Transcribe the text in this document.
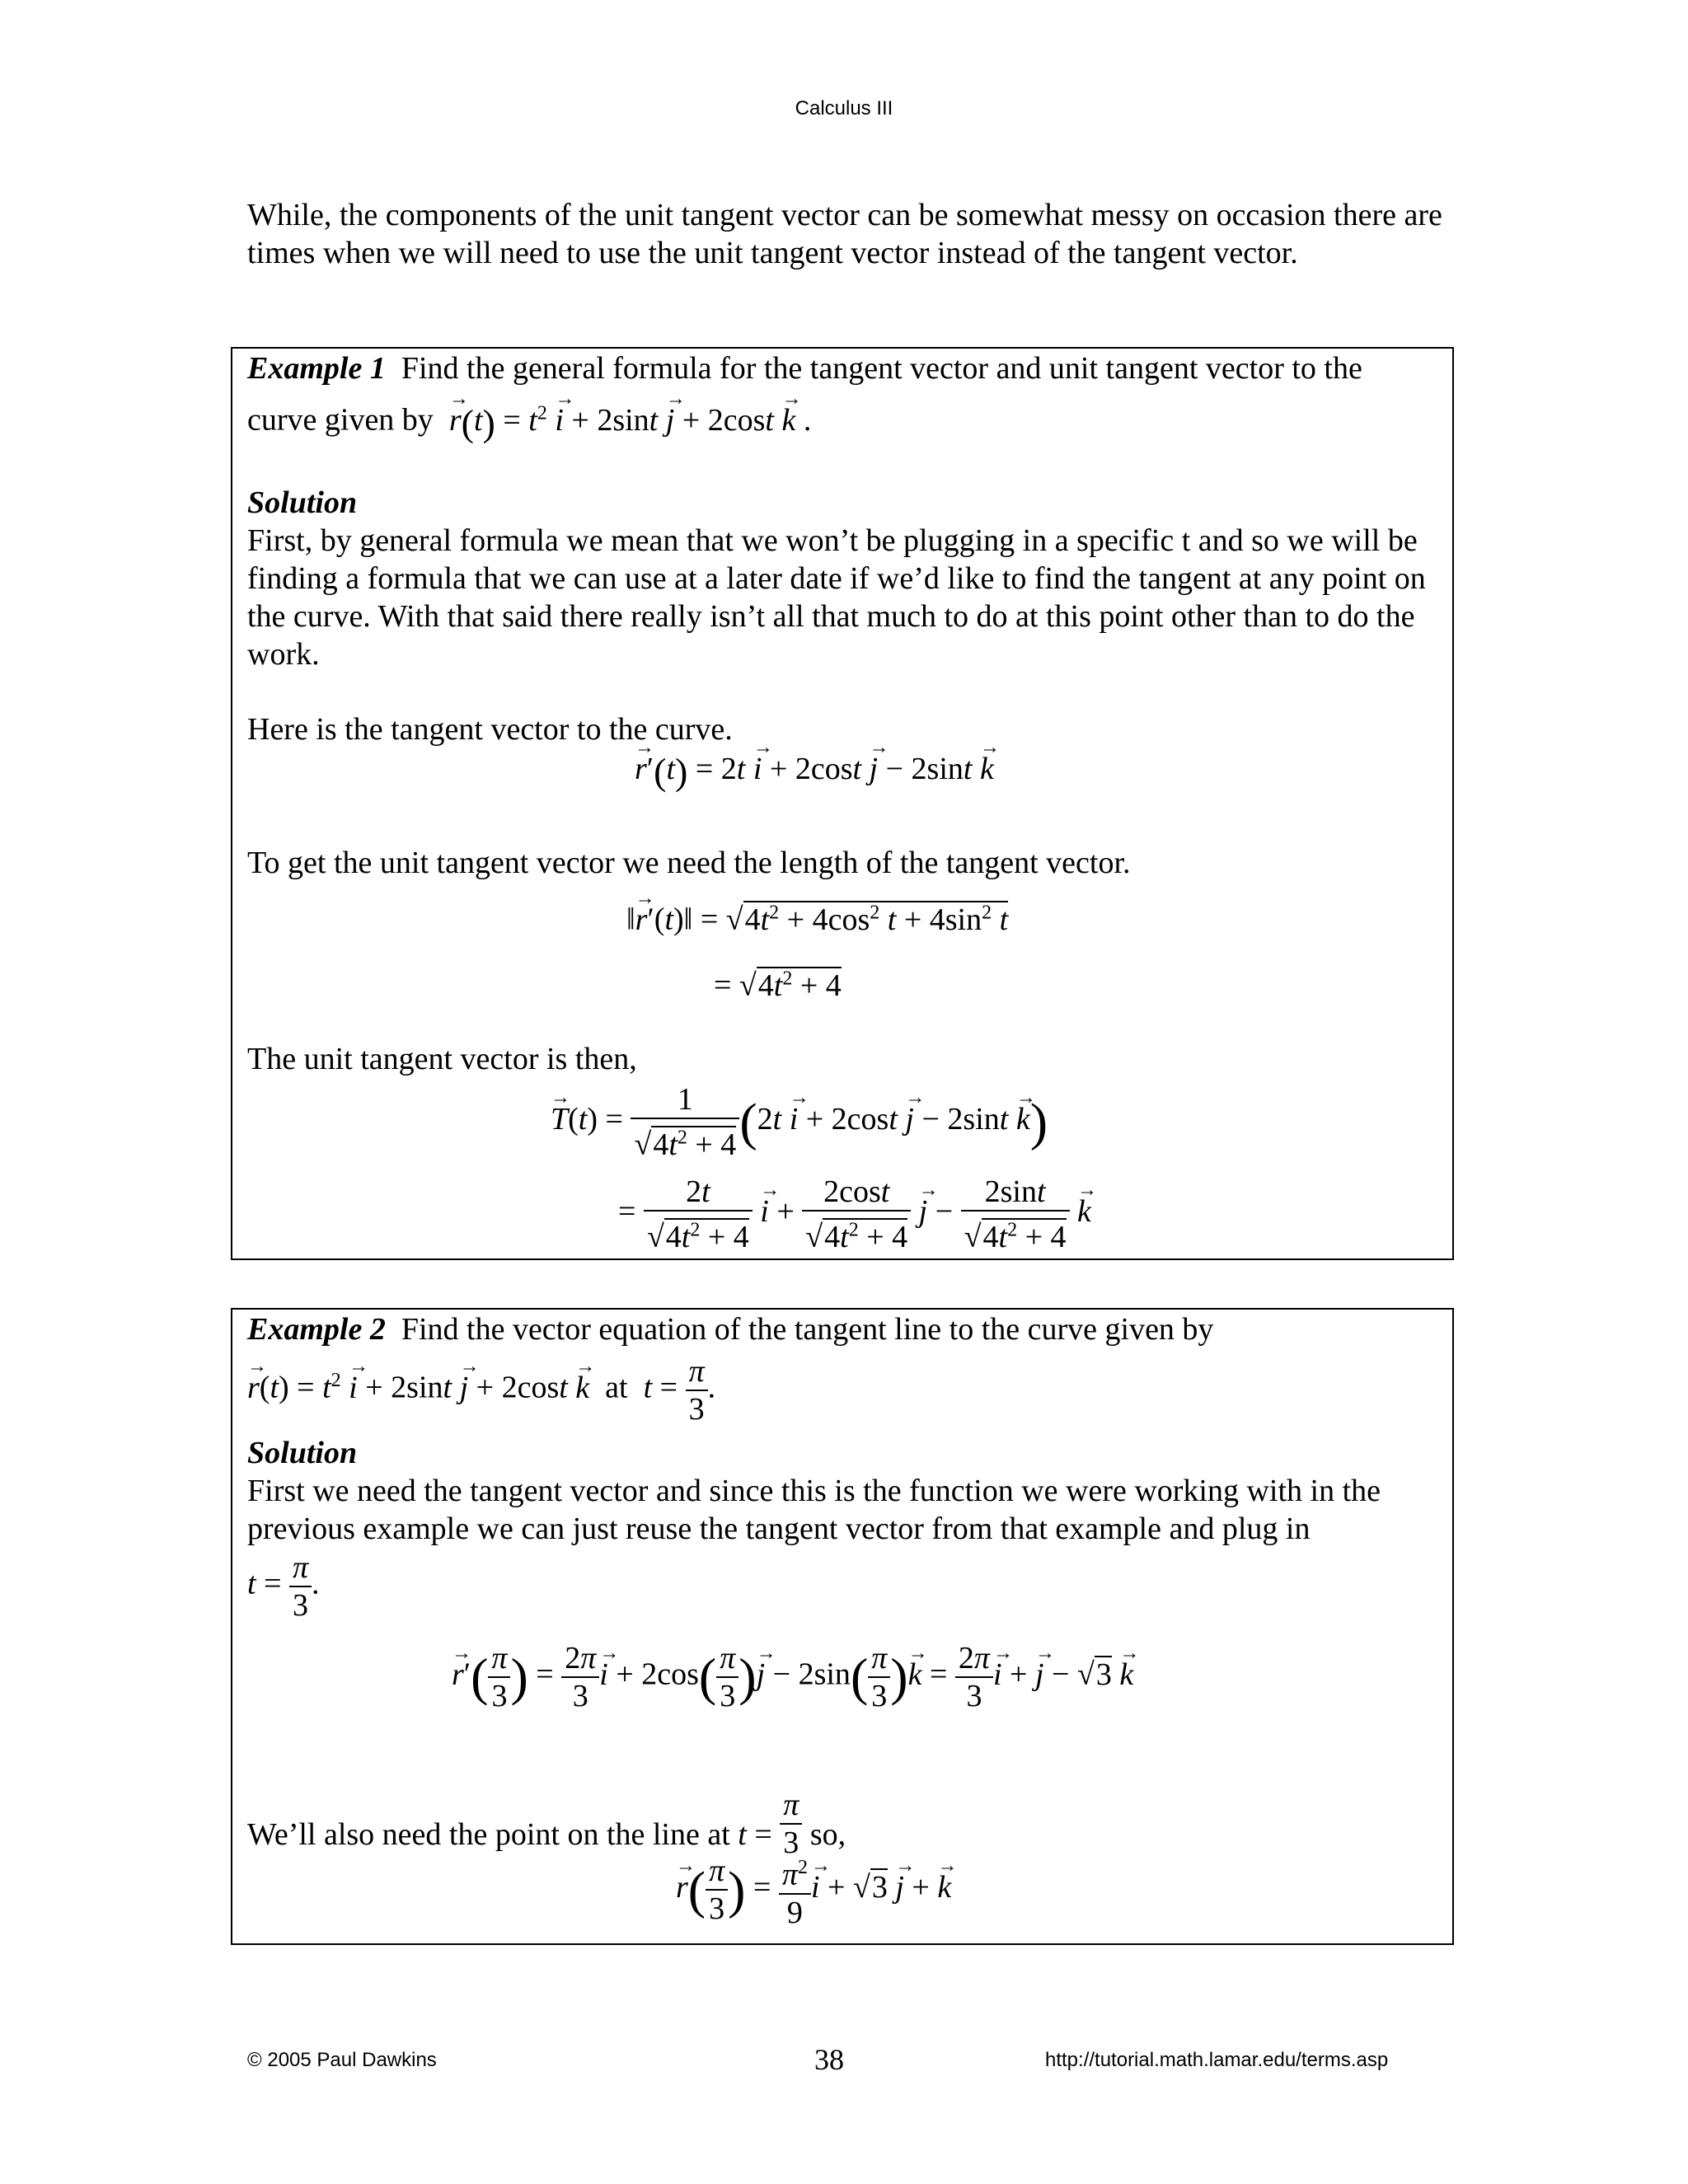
Calculus III
While, the components of the unit tangent vector can be somewhat messy on occasion there are times when we will need to use the unit tangent vector instead of the tangent vector.
Example 1 Find the general formula for the tangent vector and unit tangent vector to the
curve given by  → $r(t) = t^2 \to i + 2\sin t \to j + 2\cos t \to k$ .
Solution
First, by general formula we mean that we won’t be plugging in a specific t and so we will be finding a formula that we can use at a later date if we’d like to find the tangent at any point on the curve. With that said there really isn’t all that much to do at this point other than to do the work.
Here is the tangent vector to the curve.
→ r′(t) = 2t → i + 2cost → j − 2sint → k
To get the unit tangent vector we need the length of the tangent vector.
‖→ r′(t)‖ = $√4t^2 + 4\cos^2$ $t + 4\sin^2$ t
= $√4t^2 + 4$
The unit tangent vector is then,
→ $T(t) = \frac{1}{√4t^2 + 4} (2t \to i + 2\cos t \to j - 2\sin t \to k)$
= $\frac{2t}{√4t^2 + 4}$
→ $i + \frac{2\cos t}{√4t^2 + 4}$
→ $j - \frac{2\sin t}{√4t^2 + 4}$
→ k
Example 2 Find the vector equation of the tangent line to the curve given by
→ $r(t) = t^2 \to i + 2\sin t \to j + 2\cos t \to k$  at  $t = \frac{\pi}{3}$ .
Solution
First we need the tangent vector and since this is the function we were working with in the previous example we can just reuse the tangent vector from that example and plug in
$t = \frac{\pi}{3}$ .
→ $r'( \frac{\pi}{3}$ ) = $\frac{2\pi}{3}$
→ $i + 2\cos( \frac{\pi}{3}$ )→ $j - 2\sin( \frac{\pi}{3}$ )→ $k = \frac{2\pi}{3}$
→ i + → j − √3 → k
We’ll also need the point on the line at $t = \frac{\pi}{3}$ so,
→ $r( \frac{\pi}{3}$ ) = $\frac{\pi^2}{9}$
→ i + √3 → j + → k
© 2005 Paul Dawkins	38	http://tutorial.math.lamar.edu/terms.asp
